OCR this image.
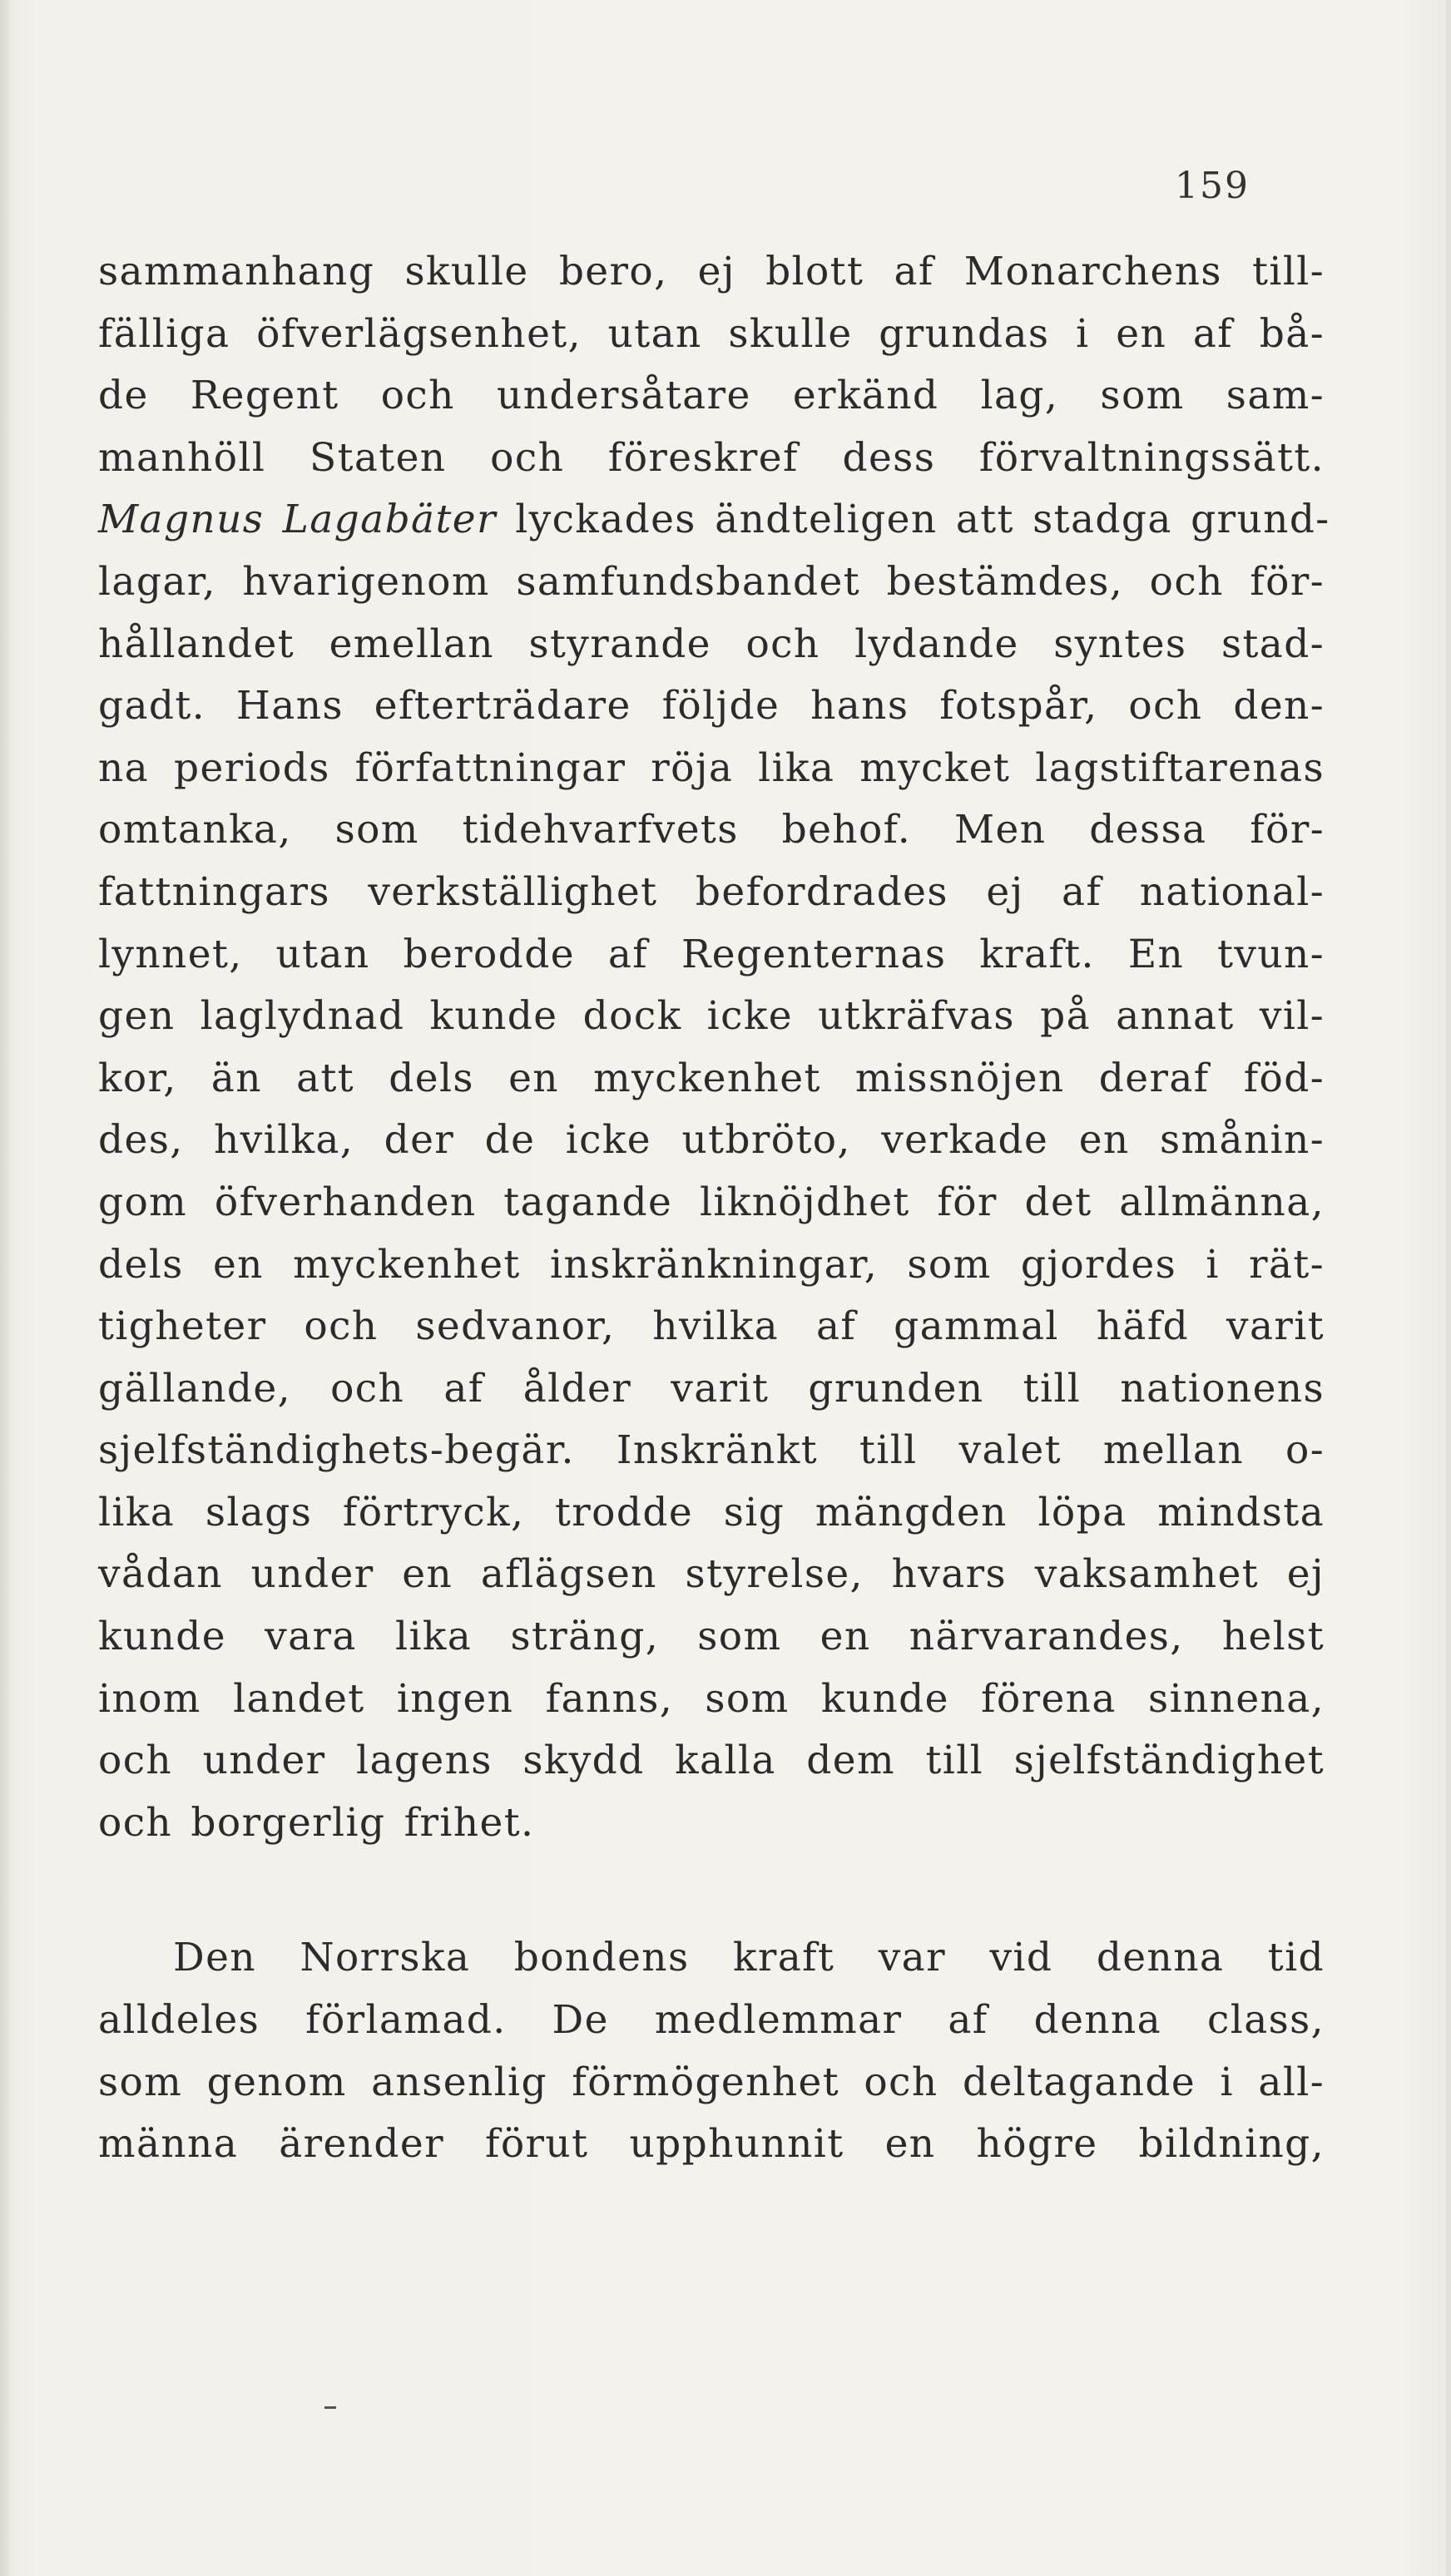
159
sammanhang skulle bero, ej blott af Monarchens till-
fälliga öfverlägsenhet, utan skulle grundas i en af bå-
de Regent och undersåtare erkänd lag, som sam-
manhöll Staten och föreskref dess förvaltningssätt.
Magnus Lagabäter lyckades ändteligen att stadga grund-
lagar, hvarigenom samfundsbandet bestämdes, och för-
hållandet emellan styrande och lydande syntes stad-
gadt. Hans efterträdare följde hans fotspår, och den-
na periods författningar röja lika mycket lagstiftarenas
omtanka, som tidehvarfvets behof. Men dessa för-
fattningars verkställighet befordrades ej af national-
lynnet, utan berodde af Regenternas kraft. En tvun-
gen laglydnad kunde dock icke utkräfvas på annat vil-
kor, än att dels en myckenhet missnöjen deraf föd-
des, hvilka, der de icke utbröto, verkade en smånin-
gom öfverhanden tagande liknöjdhet för det allmänna,
dels en myckenhet inskränkningar, som gjordes i rät-
tigheter och sedvanor, hvilka af gammal häfd varit
gällande, och af ålder varit grunden till nationens
sjelfständighets-begär. Inskränkt till valet mellan o-
lika slags förtryck, trodde sig mängden löpa mindsta
vådan under en aflägsen styrelse, hvars vaksamhet ej
kunde vara lika sträng, som en närvarandes, helst
inom landet ingen fanns, som kunde förena sinnena,
och under lagens skydd kalla dem till sjelfständighet
och borgerlig frihet.
Den Norrska bondens kraft var vid denna tid
alldeles förlamad. De medlemmar af denna class,
som genom ansenlig förmögenhet och deltagande i all-
männa ärender förut upphunnit en högre bildning,
